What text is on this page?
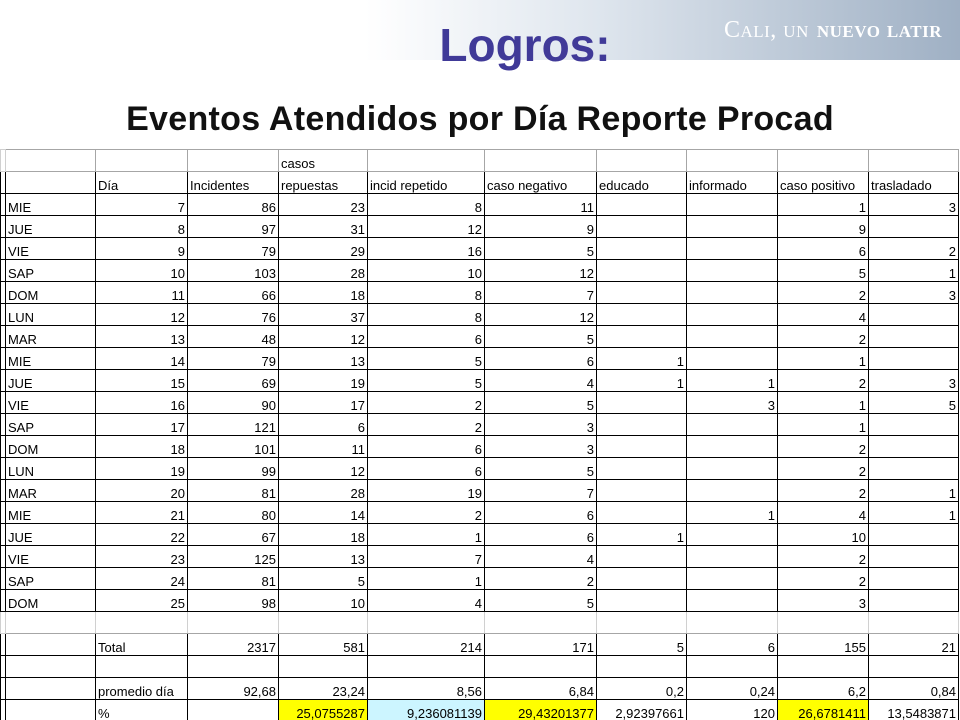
Cali, un nuevo latir
Logros:
Eventos Atendidos por Día Reporte Procad
				casos						
		Día	Incidentes	repuestas	incid repetido	caso negativo	educado	informado	caso positivo	trasladado
	MIE	7	86	23	8	11			1	3
	JUE	8	97	31	12	9			9	
	VIE	9	79	29	16	5			6	2
	SAP	10	103	28	10	12			5	1
	DOM	11	66	18	8	7			2	3
	LUN	12	76	37	8	12			4	
	MAR	13	48	12	6	5			2	
	MIE	14	79	13	5	6	1		1	
	JUE	15	69	19	5	4	1	1	2	3
	VIE	16	90	17	2	5		3	1	5
	SAP	17	121	6	2	3			1	
	DOM	18	101	11	6	3			2	
	LUN	19	99	12	6	5			2	
	MAR	20	81	28	19	7			2	1
	MIE	21	80	14	2	6		1	4	1
	JUE	22	67	18	1	6	1		10	
	VIE	23	125	13	7	4			2	
	SAP	24	81	5	1	2			2	
	DOM	25	98	10	4	5			3	

		Total	2317	581	214	171	5	6	155	21

		promedio día	92,68	23,24	8,56	6,84	0,2	0,24	6,2	0,84
		%		25,0755287	9,236081139	29,43201377	2,92397661	120	26,6781411	13,5483871
